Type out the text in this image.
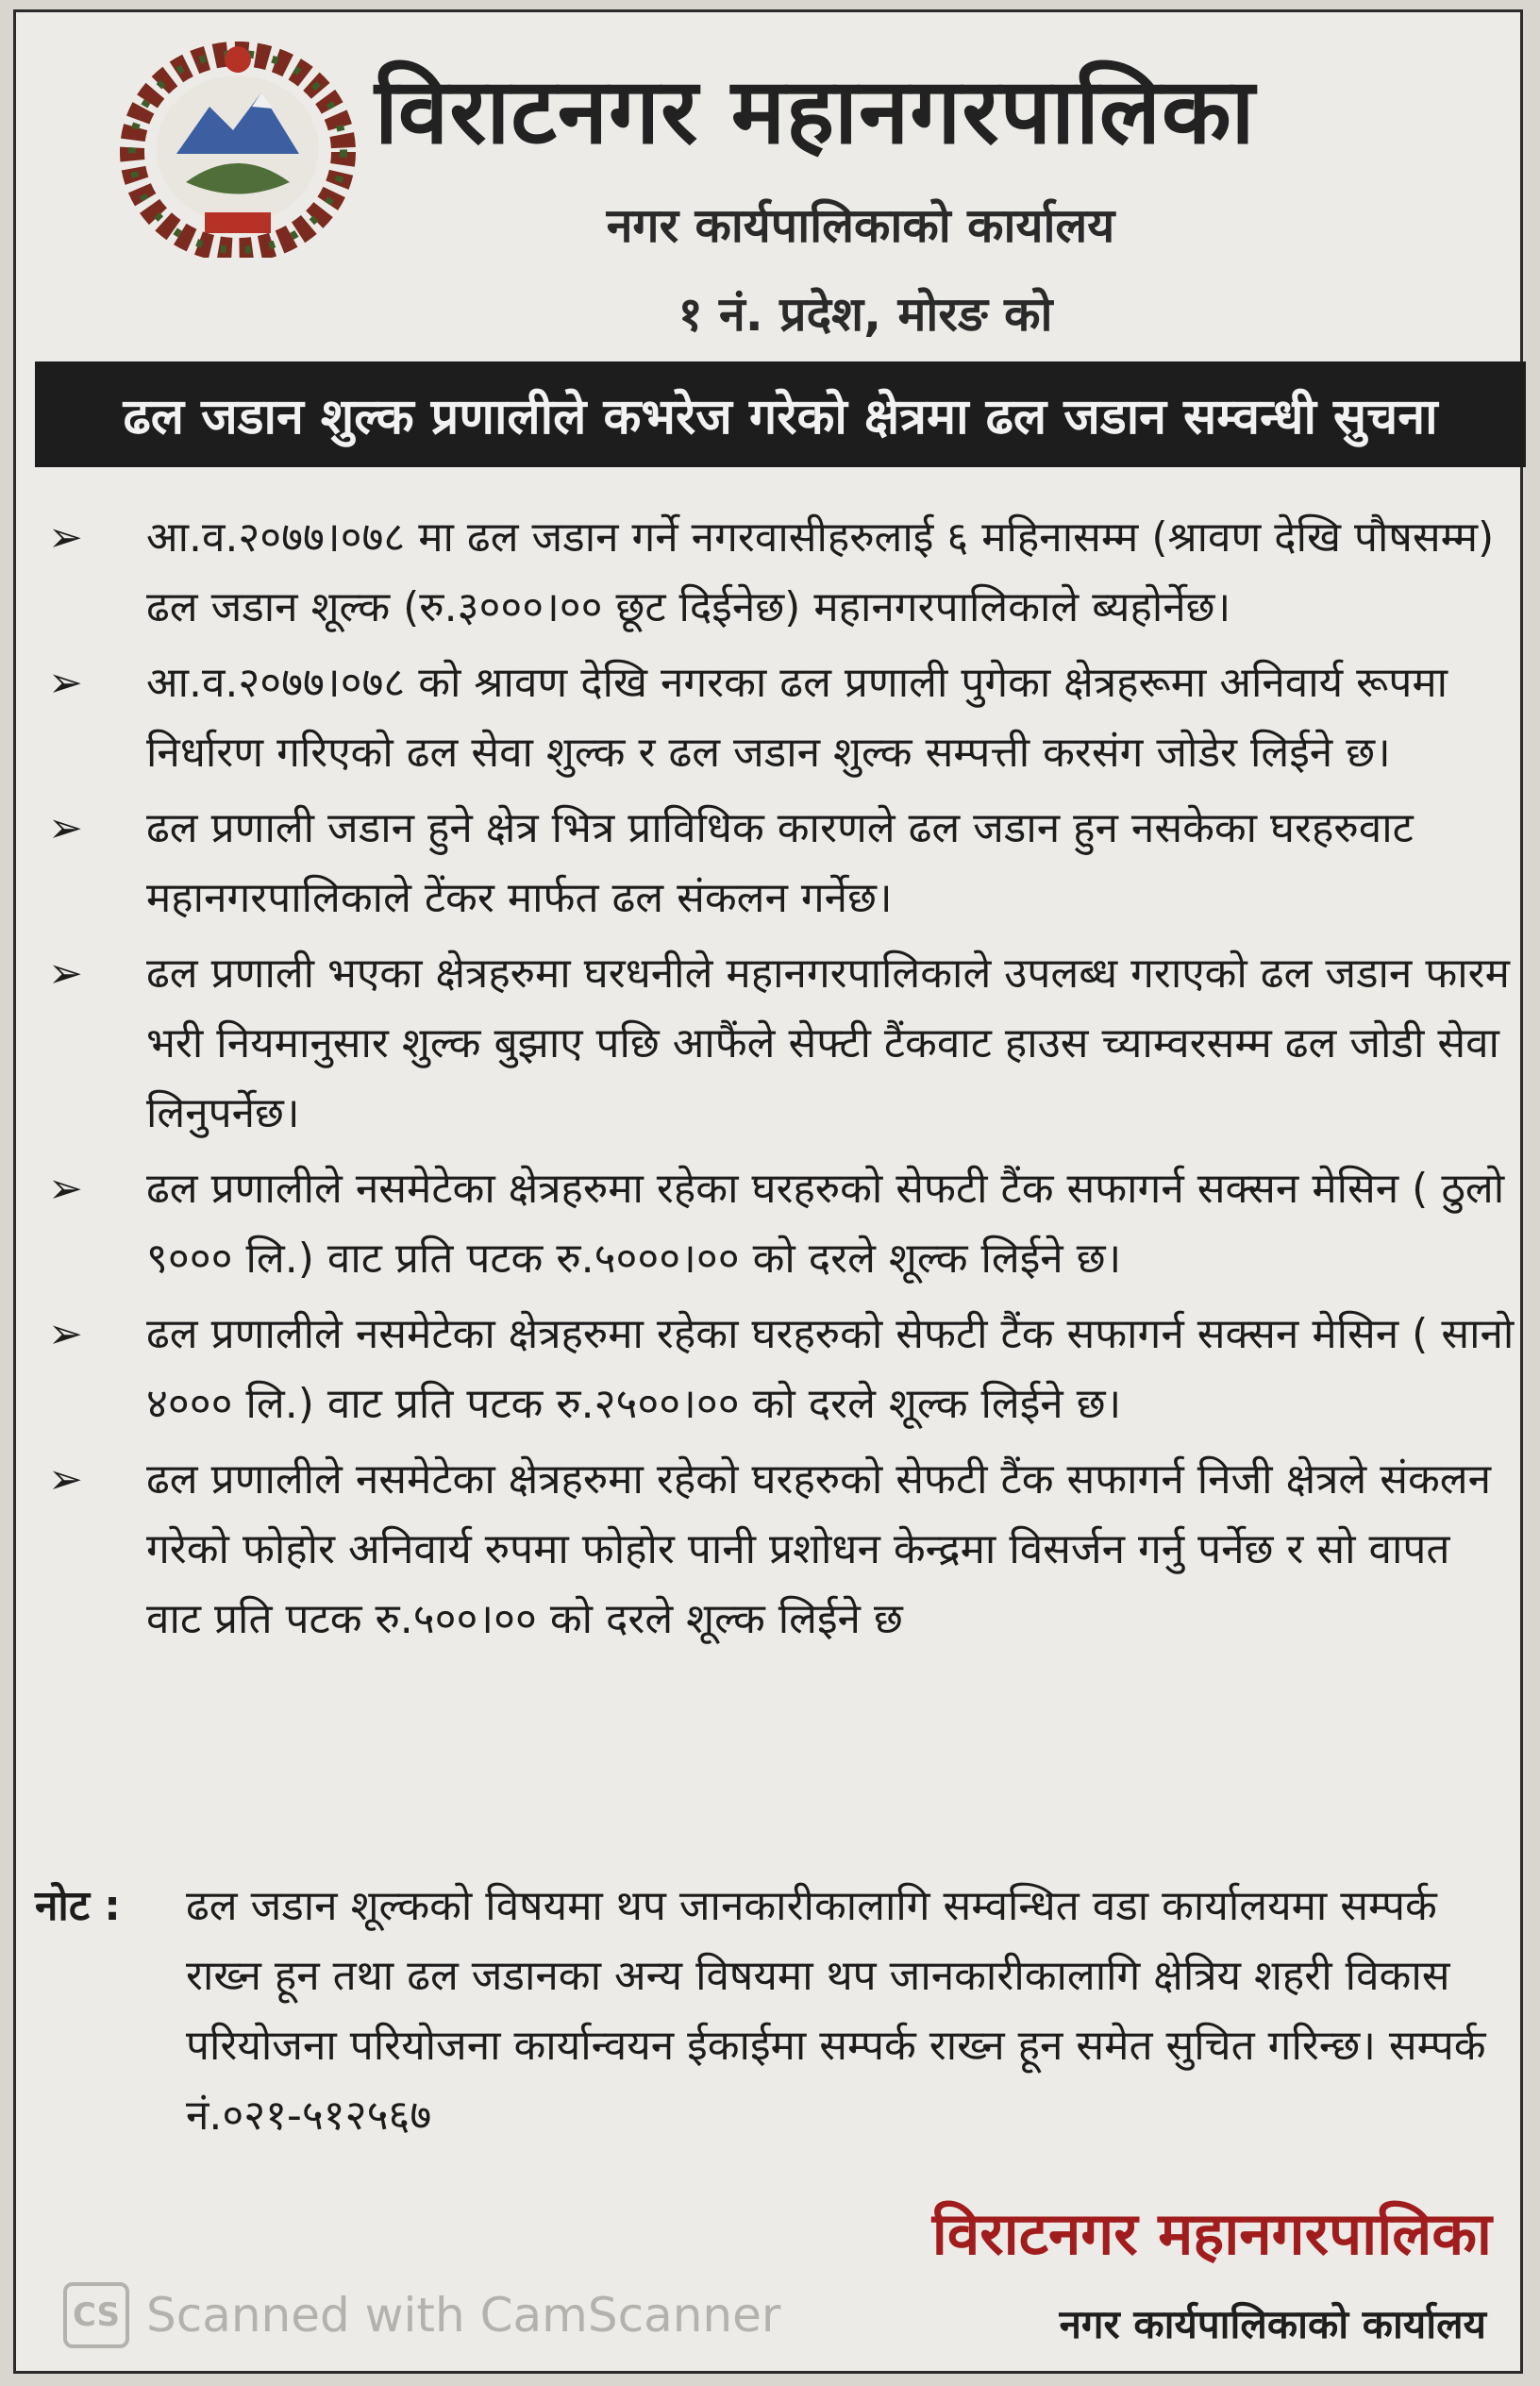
विराटनगर महानगरपालिका
नगर कार्यपालिकाको कार्यालय
१ नं. प्रदेश, मोरङ को
ढल जडान शुल्क प्रणालीले कभरेज गरेको क्षेत्रमा ढल जडान सम्वन्धी सुचना
➢ आ.व.२०७७।०७८ मा ढल जडान गर्ने नगरवासीहरुलाई ६ महिनासम्म (श्रावण देखि पौषसम्म) ढल जडान शूल्क (रु.३०००।०० छूट दिईनेछ) महानगरपालिकाले ब्यहोर्नेछ।
➢ आ.व.२०७७।०७८ को श्रावण देखि नगरका ढल प्रणाली पुगेका क्षेत्रहरूमा अनिवार्य रूपमा निर्धारण गरिएको ढल सेवा शुल्क र ढल जडान शुल्क सम्पत्ती करसंग जोडेर लिईने छ।
➢ ढल प्रणाली जडान हुने क्षेत्र भित्र प्राविधिक कारणले ढल जडान हुन नसकेका घरहरुवाट महानगरपालिकाले टेंकर मार्फत ढल संकलन गर्नेछ।
➢ ढल प्रणाली भएका क्षेत्रहरुमा घरधनीले महानगरपालिकाले उपलब्ध गराएको ढल जडान फारम भरी नियमानुसार शुल्क बुझाए पछि आफैंले सेफ्टी टैंकवाट हाउस च्याम्वरसम्म ढल जोडी सेवा लिनुपर्नेछ।
➢ ढल प्रणालीले नसमेटेका क्षेत्रहरुमा रहेका घरहरुको सेफटी टैंक सफागर्न सक्सन मेसिन ( ठुलो ९००० लि.) वाट प्रति पटक रु.५०००।०० को दरले शूल्क लिईने छ।
➢ ढल प्रणालीले नसमेटेका क्षेत्रहरुमा रहेका घरहरुको सेफटी टैंक सफागर्न सक्सन मेसिन ( सानो ४००० लि.) वाट प्रति पटक रु.२५००।०० को दरले शूल्क लिईने छ।
➢ ढल प्रणालीले नसमेटेका क्षेत्रहरुमा रहेको घरहरुको सेफटी टैंक सफागर्न निजी क्षेत्रले संकलन गरेको फोहोर अनिवार्य रुपमा फोहोर पानी प्रशोधन केन्द्रमा विसर्जन गर्नु पर्नेछ र सो वापत वाट प्रति पटक रु.५००।०० को दरले शूल्क लिईने छ
नोट :	ढल जडान शूल्कको विषयमा थप जानकारीकालागि सम्वन्धित वडा कार्यालयमा सम्पर्क राख्न हून तथा ढल जडानका अन्य विषयमा थप जानकारीकालागि क्षेत्रिय शहरी विकास परियोजना परियोजना कार्यान्वयन ईकाईमा सम्पर्क राख्न हून समेत सुचित गरिन्छ। सम्पर्क नं.०२१-५१२५६७
विराटनगर महानगरपालिका
नगर कार्यपालिकाको कार्यालय
CS Scanned with CamScanner
